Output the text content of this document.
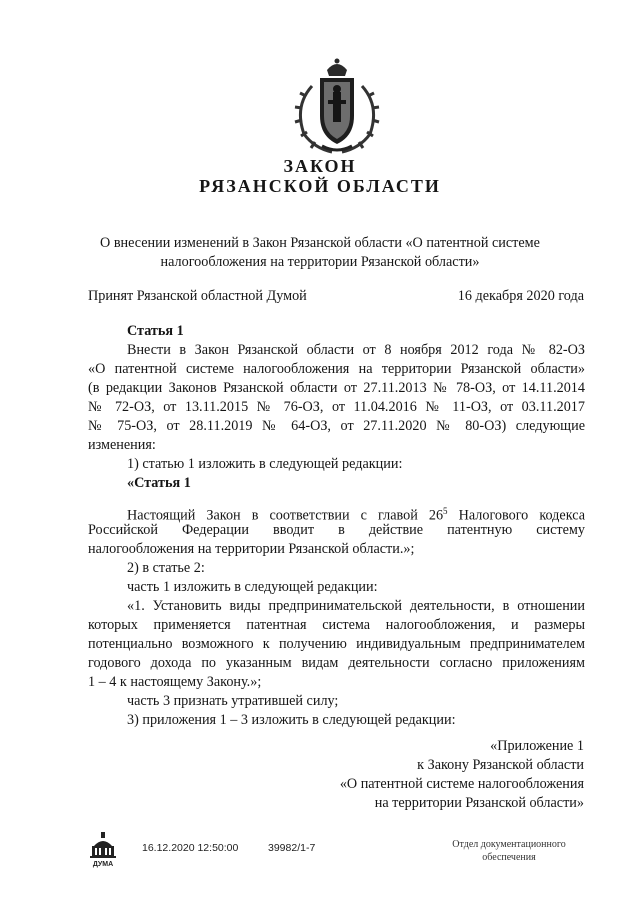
ЗАКОН
РЯЗАНСКОЙ ОБЛАСТИ
О внесении изменений в Закон Рязанской области «О патентной системе
налогообложения на территории Рязанской области»
Принят Рязанской областной Думой	16 декабря 2020 года
Статья 1
Внести в Закон Рязанской области от 8 ноября 2012 года № 82-ОЗ
«О патентной системе налогообложения на территории Рязанской области»
(в редакции Законов Рязанской области от 27.11.2013 № 78-ОЗ, от 14.11.2014
№ 72-ОЗ, от 13.11.2015 № 76-ОЗ, от 11.04.2016 № 11-ОЗ, от 03.11.2017
№ 75-ОЗ, от 28.11.2019 № 64-ОЗ, от 27.11.2020 № 80-ОЗ) следующие
изменения:
1) статью 1 изложить в следующей редакции:
«Статья 1
Настоящий Закон в соответствии с главой $26^5$ Налогового кодекса
Российской Федерации вводит в действие патентную систему
налогообложения на территории Рязанской области.»;
2) в статье 2:
часть 1 изложить в следующей редакции:
«1. Установить виды предпринимательской деятельности, в отношении
которых применяется патентная система налогообложения, и размеры
потенциально возможного к получению индивидуальным предпринимателем
годового дохода по указанным видам деятельности согласно приложениям
1 – 4 к настоящему Закону.»;
часть 3 признать утратившей силу;
3) приложения 1 – 3 изложить в следующей редакции:
«Приложение 1
к Закону Рязанской области
«О патентной системе налогообложения
на территории Рязанской области»
ДУМА
16.12.2020 12:50:00	39982/1-7	Отдел документационного
обеспечения
